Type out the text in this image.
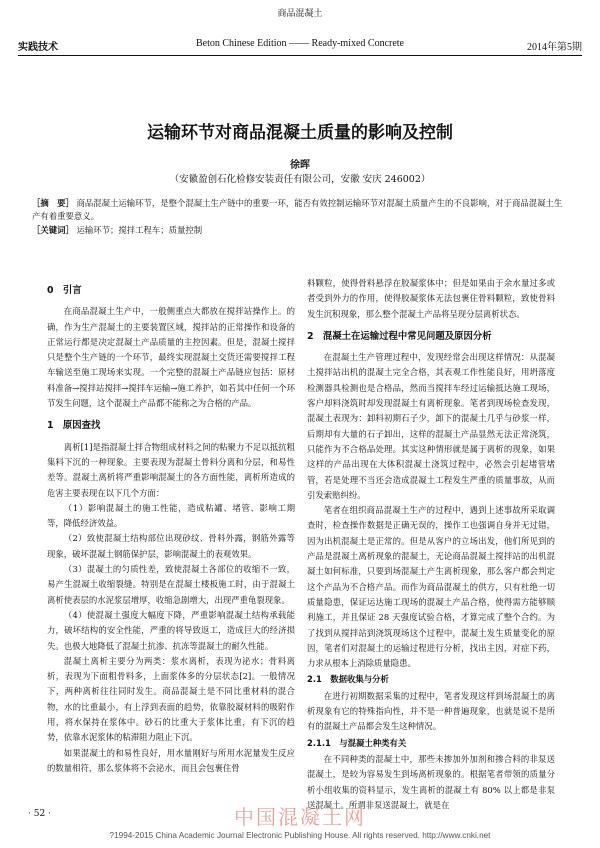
商品混凝土
Beton Chinese Edition —— Ready-mixed Concrete
实践技术	2014年第5期
运输环节对商品混凝土质量的影响及控制
徐晖
（安徽盈创石化检修安装责任有限公司，安徽 安庆 246002）
［摘　要］ 商品混凝土运输环节，是整个混凝土生产链中的重要一环，能否有效控制运输环节对混凝土质量产生的不良影响，对于商品混凝土生产有着重要意义。
［关键词］ 运输环节；搅拌工程车；质量控制
0　引言

在商品混凝土生产中，一般侧重点大都放在搅拌站操作上。的确，作为生产混凝土的主要装置区域，搅拌站的正常操作和设备的正常运行都是决定混凝土产品质量的主控因素。但是，混凝土搅拌只是整个生产链的一个环节，最终实现混凝土交货还需要搅拌工程车输送至施工现场来实现。一个完整的混凝土产品链应包括：原材料准备→搅拌站搅拌→搅拌车运输→施工养护，如若其中任何一个环节发生问题，这个混凝土产品都不能称之为合格的产品。

1　原因查找

离析[1]是指混凝土拌合物组成材料之间的粘聚力不足以抵抗粗集料下沉的一种现象。主要表现为混凝土骨料分离和分层，和易性差等。混凝土离析将严重影响混凝土的各方面性能，离析所造成的危害主要表现在以下几个方面：

（1）影响混凝土的施工性能，造成粘罐、堵管、影响工期等，降低经济效益。

（2）致使混凝土结构部位出现砂纹、骨料外露，钢筋外露等现象，破坏混凝土钢筋保护层，影响混凝土的表观效果。

（3）混凝土的匀质性差，致使混凝土各部位的收缩不一致，易产生混凝土收缩裂缝。特别是在混凝土楼板施工时，由于混凝土离析使表层的水泥浆层增厚，收缩急剧增大，出现严重龟裂现象。

（4）使混凝土强度大幅度下降，严重影响混凝土结构承载能力，破坏结构的安全性能，严重的将导致返工，造成巨大的经济损失。也极大地降低了混凝土抗渗、抗冻等混凝土的耐久性能。

混凝土离析主要分为两类：浆水离析，表现为泌水；骨料离析，表现为下面粗骨料多，上面浆体多的分层状态[2]。一般情况下，两种离析往往同时发生。商品混凝土是不同比重材料的混合物，水的比重最小，有上浮到表面的趋势，依靠胶凝材料的吸附作用，将水保持在浆体中。砂石的比重大于浆体比重，有下沉的趋势，依靠水泥浆体的粘滞阻力阻止下沉。

如果混凝土的和易性良好，用水量刚好与所用水泥量发生反应的数量相符，那么浆体将不会泌水，而且会包裹住骨

料颗粒，使得骨料悬浮在胶凝浆体中；但是如果由于余水量过多或者受到外力的作用，使得胶凝浆体无法包裹住骨料颗粒，致使骨料发生沉积现象，那么整个混凝土产品将呈现分层离析状态。

2　混凝土在运输过程中常见问题及原因分析

在混凝土生产管理过程中，发现经常会出现这样情况：从混凝土搅拌站出机的混凝土完全合格，其表观工作性能良好，用坍落度检测器具检测也是合格品，然而当搅拌车经过运输抵达施工现场，客户却料浇筑时却发现混凝土有离析现象。笔者到现场检查发现，混凝土表现为：卸料初期石子少，卸下的混凝土几乎与砂浆一样，后期却有大量的石子卸出，这样的混凝土产品显然无法正常浇筑，只能作为不合格品处理。其实这种情形就是属于离析的现象，如果这样的产品出现在大体积混凝土浇筑过程中，必然会引起堵管堵管，若是处理不当还会造成混凝土工程发生严重的质量事故，从而引发索赔纠纷。

笔者在组织商品混凝土生产的过程中，遇到上述事故所采取调查时，检查操作数据是正确无误的，操作工也强调自身并无过错，因为出机混凝土是正常的。但是从客户的立场出发，他们所见到的产品是混凝土离析现象的混凝土，无论商品混凝土搅拌站的出机混凝土如何标准，只要到场混凝土产生离析现象，那么客户都会判定这个产品为不合格产品。而作为商品混凝土的供方，只有杜绝一切质量隐患，保证运达施工现场的混凝土产品合格，使得需方能够顺利施工，并且保证 28 天强度试验合格，才算完成了整个合约。为了找到从搅拌站到浇筑现场这个过程中，混凝土发生质量变化的原因，笔者们对混凝土的运输过程进行分析，找出主因，对症下药，力求从根本上消除质量隐患。

2.1　数据收集与分析

在进行初期数据采集的过程中，笔者发现这样到场混凝土的离析现象有它的特殊指向性，并不是一种普遍现象，也就是说不是所有的混凝土产品都会发生这种情况。

2.1.1　与混凝土种类有关

在不同种类的混凝土中，那些未掺加外加剂和掺合料的非泵送混凝土，是较为容易发生到场离析现象的。根据笔者带领的质量分析小组收集的资料显示，发生离析的混凝土有 80% 以上都是非泵送混凝土。所谓非泵送混凝土，就是在

中国混凝土网
· 52 ·
?1994-2015 China Academic Journal Electronic Publishing House. All rights reserved. http://www.cnki.net
